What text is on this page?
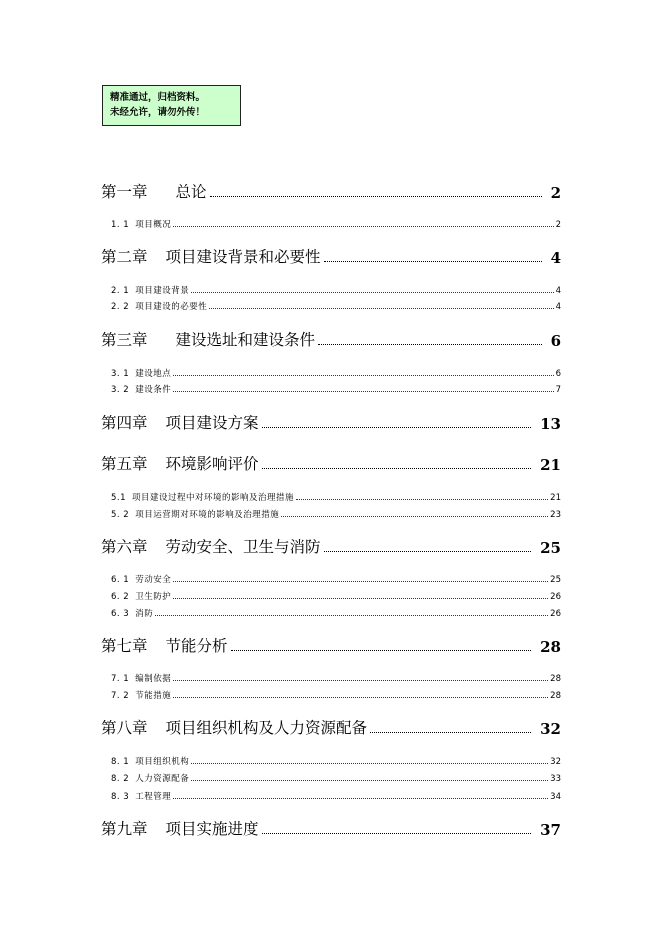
精准通过，归档资料。
未经允许，请勿外传！
第一章 总论	2
1. 1 项目概况	2
第二章 项目建设背景和必要性	4
2. 1 项目建设背景	4
2. 2 项目建设的必要性	4
第三章 建设选址和建设条件	6
3. 1 建设地点	6
3. 2 建设条件	7
第四章 项目建设方案	13
第五章 环境影响评价	21
5.1 项目建设过程中对环境的影响及治理措施	21
5. 2 项目运营期对环境的影响及治理措施	23
第六章 劳动安全、卫生与消防	25
6. 1 劳动安全	25
6. 2 卫生防护	26
6. 3 消防	26
第七章 节能分析	28
7. 1 编制依据	28
7. 2 节能措施	28
第八章 项目组织机构及人力资源配备	32
8. 1 项目组织机构	32
8. 2 人力资源配备	33
8. 3 工程管理	34
第九章 项目实施进度	37
